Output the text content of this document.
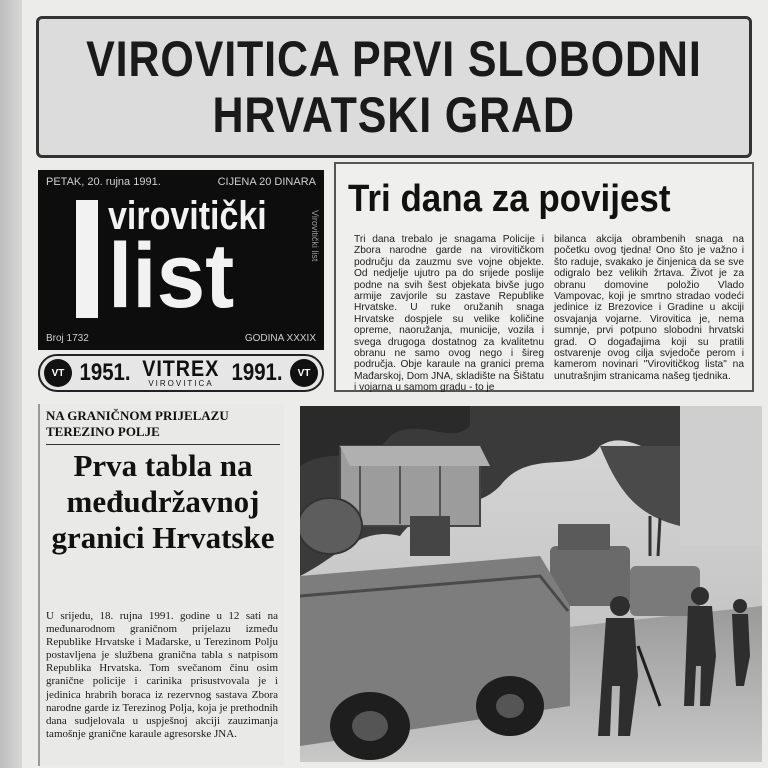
VIROVITICA PRVI SLOBODNI
HRVATSKI GRAD
PETAK, 20. rujna 1991.	CIJENA 20 DINARA
virovitički
list	Virovitički list
Broj 1732	GODINA XXXIX
VT 1951. VITREX
VIROVITICA 1991.	VT
Tri dana za povijest
Tri dana trebalo je snagama Policije i Zbora narodne garde na virovitičkom području da zauzmu sve vojne objekte. Od nedjelje ujutro pa do srijede poslije podne na svih šest objekata bivše jugo armije zavjorile su zastave Republike Hrvatske. U ruke oružanih snaga Hrvatske dospjele su velike količine opreme, naoružanja, municije, vozila i svega drugoga dostatnog za kvalitetnu obranu ne samo ovog nego i šireg područja. Obje karaule na granici prema Mađarskoj, Dom JNA, skladište na Šištatu i vojarna u samom gradu - to je
bilanca akcija obrambenih snaga na početku ovog tjedna! Ono što je važno i što raduje, svakako je činjenica da se sve odigralo bez velikih žrtava. Život je za obranu domovine položio Vlado Vampovac, koji je smrtno stradao vodeći jedinice iz Brezovice i Gradine u akciji osvajanja vojarne. Virovitica je, nema sumnje, prvi potpuno slobodni hrvatski grad. O događajima koji su pratili ostvarenje ovog cilja svjedoče perom i kamerom novinari "Virovitičkog lista" na unutrašnjim stranicama našeg tjednika.
NA GRANIČNOM PRIJELAZU
TEREZINO POLJE
Prva tabla na međudržavnoj granici Hrvatske
U srijedu, 18. rujna 1991. godine u 12 sati na međunarodnom graničnom prijelazu između Republike Hrvatske i Mađarske, u Terezinom Polju postavljena je službena granična tabla s natpisom Republika Hrvatska. Tom svečanom činu osim granične policije i carinika prisustvovala je i jedinica hrabrih boraca iz rezervnog sastava Zbora narodne garde iz Terezinog Polja, koja je prethodnih dana sudjelovala u uspješnoj akciji zauzimanja tamošnje granične karaule agresorske JNA.
